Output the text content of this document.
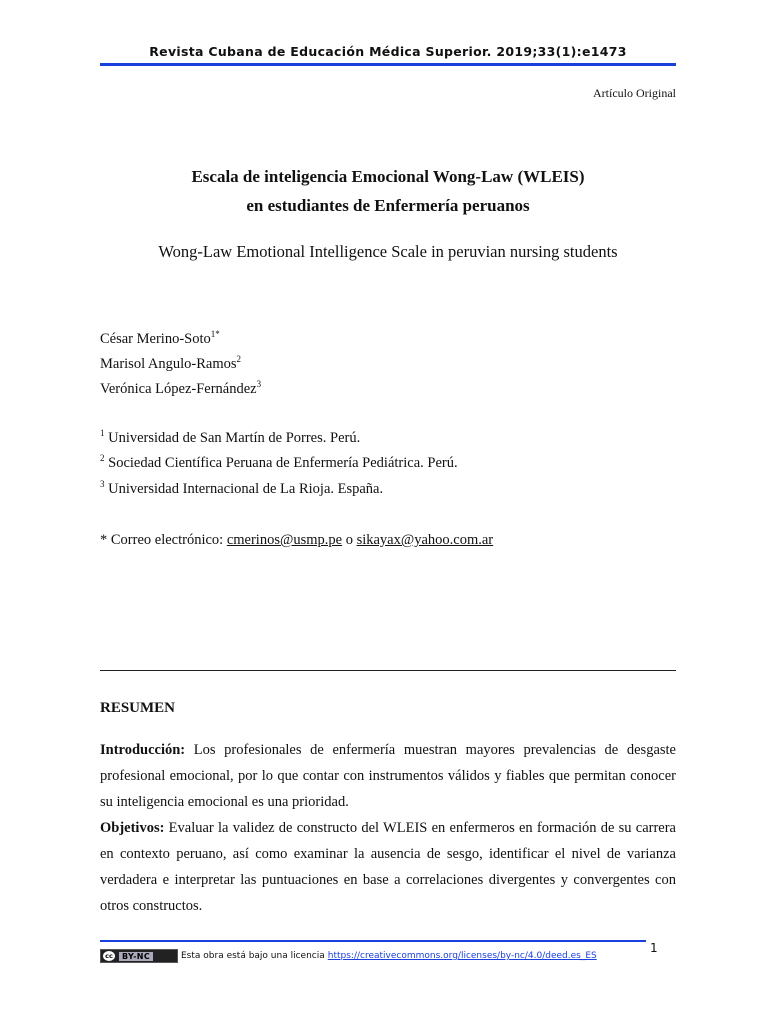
Revista Cubana de Educación Médica Superior. 2019;33(1):e1473
Artículo Original
Escala de inteligencia Emocional Wong-Law (WLEIS)
en estudiantes de Enfermería peruanos
Wong-Law Emotional Intelligence Scale in peruvian nursing students
César Merino-Soto$^{1*}$
Marisol Angulo-Ramos$^2$
Verónica López-Fernández$^3$
$^1$ Universidad de San Martín de Porres. Perú.
$^2$ Sociedad Científica Peruana de Enfermería Pediátrica. Perú.
$^3$ Universidad Internacional de La Rioja. España.
* Correo electrónico: cmerinos@usmp.pe o sikayax@yahoo.com.ar
RESUMEN

Introducción: Los profesionales de enfermería muestran mayores prevalencias de desgaste profesional emocional, por lo que contar con instrumentos válidos y fiables que permitan conocer su inteligencia emocional es una prioridad.

Objetivos: Evaluar la validez de constructo del WLEIS en enfermeros en formación de su carrera en contexto peruano, así como examinar la ausencia de sesgo, identificar el nivel de varianza verdadera e interpretar las puntuaciones en base a correlaciones divergentes y convergentes con otros constructos.

1
cc	BY-NC	Esta obra está bajo una licencia https://creativecommons.org/licenses/by-nc/4.0/deed.es_ES
